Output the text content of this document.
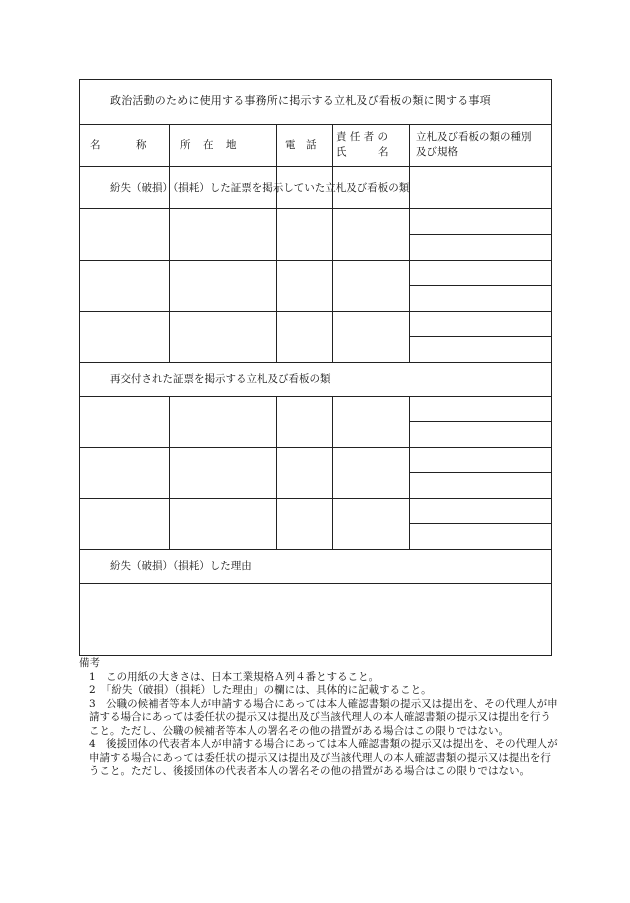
政治活動のために使用する事務所に掲示する立札及び看板の類に関する事項
名　　　称	所　在　地	電　話
責 任 者 の
氏　　　名
立札及び看板の類の種別
及び規格
紛失（破損）（損耗）した証票を掲示していた立札及び看板の類
再交付された証票を掲示する立札及び看板の類
紛失（破損）（損耗）した理由
備考
1　この用紙の大きさは、日本工業規格Ａ列４番とすること。
2　「紛失（破損）（損耗）した理由」の欄には、具体的に記載すること。
3　公職の候補者等本人が申請する場合にあっては本人確認書類の提示又は提出を、その代理人が申請する場合にあっては委任状の提示又は提出及び当該代理人の本人確認書類の提示又は提出を行うこと。ただし、公職の候補者等本人の署名その他の措置がある場合はこの限りではない。
4　後援団体の代表者本人が申請する場合にあっては本人確認書類の提示又は提出を、その代理人が申請する場合にあっては委任状の提示又は提出及び当該代理人の本人確認書類の提示又は提出を行うこと。ただし、後援団体の代表者本人の署名その他の措置がある場合はこの限りではない。
